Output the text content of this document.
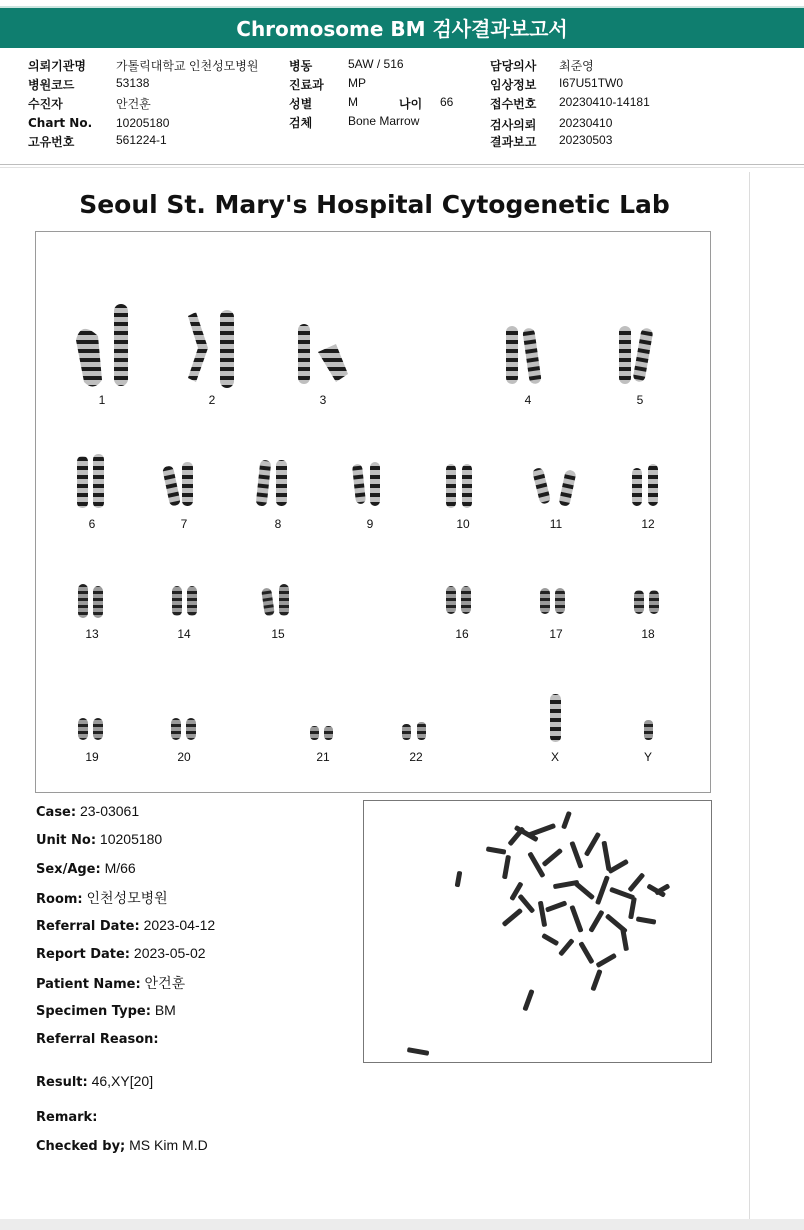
Chromosome BM 검사결과보고서
의뢰기관명	가톨릭대학교 인천성모병원
병원코드	53138
수진자	안건훈
Chart No. 10205180
고유번호	561224-1
병동	5AW / 516
진료과 MP
성별	M	나이 66
검체	Bone Marrow
담당의사 최준영
임상정보 I67U51TW0
접수번호 20230410-14181
검사의뢰 20230410
결과보고 20230503
Seoul St. Mary's Hospital Cytogenetic Lab
1	2	3	4	5
6	7	8	9	10	11	12
13	14	15	16	17	18
19	20	21	22	X	Y
Case: 23-03061
Unit No: 10205180
Sex/Age: M/66
Room: 인천성모병원
Referral Date: 2023-04-12
Report Date: 2023-05-02
Patient Name: 안건훈
Specimen Type: BM
Referral Reason:
Result: 46,XY[20]
Remark:
Checked by; MS Kim M.D
